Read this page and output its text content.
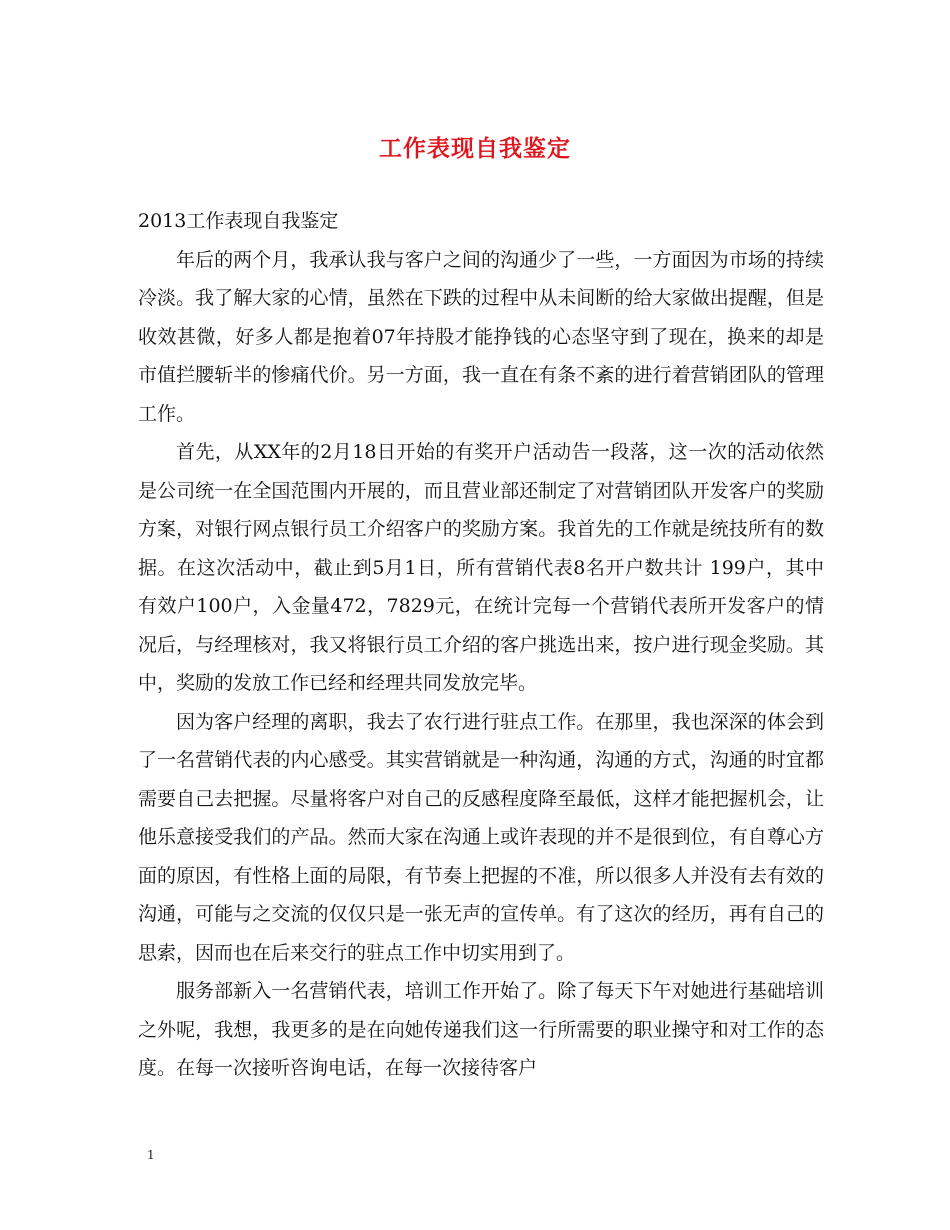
工作表现自我鉴定

2013工作表现自我鉴定

年后的两个月，我承认我与客户之间的沟通少了一些，一方面因为市场的持续冷淡。我了解大家的心情，虽然在下跌的过程中从未间断的给大家做出提醒，但是收效甚微，好多人都是抱着07年持股才能挣钱的心态坚守到了现在，换来的却是市值拦腰斩半的惨痛代价。另一方面，我一直在有条不紊的进行着营销团队的管理工作。

首先，从XX年的2月18日开始的有奖开户活动告一段落，这一次的活动依然是公司统一在全国范围内开展的，而且营业部还制定了对营销团队开发客户的奖励方案，对银行网点银行员工介绍客户的奖励方案。我首先的工作就是统技所有的数据。在这次活动中，截止到5月1日，所有营销代表8名开户数共计 199户，其中有效户100户，入金量472，7829元，在统计完每一个营销代表所开发客户的情况后，与经理核对，我又将银行员工介绍的客户挑选出来，按户进行现金奖励。其中，奖励的发放工作已经和经理共同发放完毕。

因为客户经理的离职，我去了农行进行驻点工作。在那里，我也深深的体会到了一名营销代表的内心感受。其实营销就是一种沟通，沟通的方式，沟通的时宜都需要自己去把握。尽量将客户对自己的反感程度降至最低，这样才能把握机会，让他乐意接受我们的产品。然而大家在沟通上或许表现的并不是很到位，有自尊心方面的原因，有性格上面的局限，有节奏上把握的不准，所以很多人并没有去有效的沟通，可能与之交流的仅仅只是一张无声的宣传单。有了这次的经历，再有自己的思索，因而也在后来交行的驻点工作中切实用到了。

服务部新入一名营销代表，培训工作开始了。除了每天下午对她进行基础培训之外呢，我想，我更多的是在向她传递我们这一行所需要的职业操守和对工作的态度。在每一次接听咨询电话，在每一次接待客户

1
